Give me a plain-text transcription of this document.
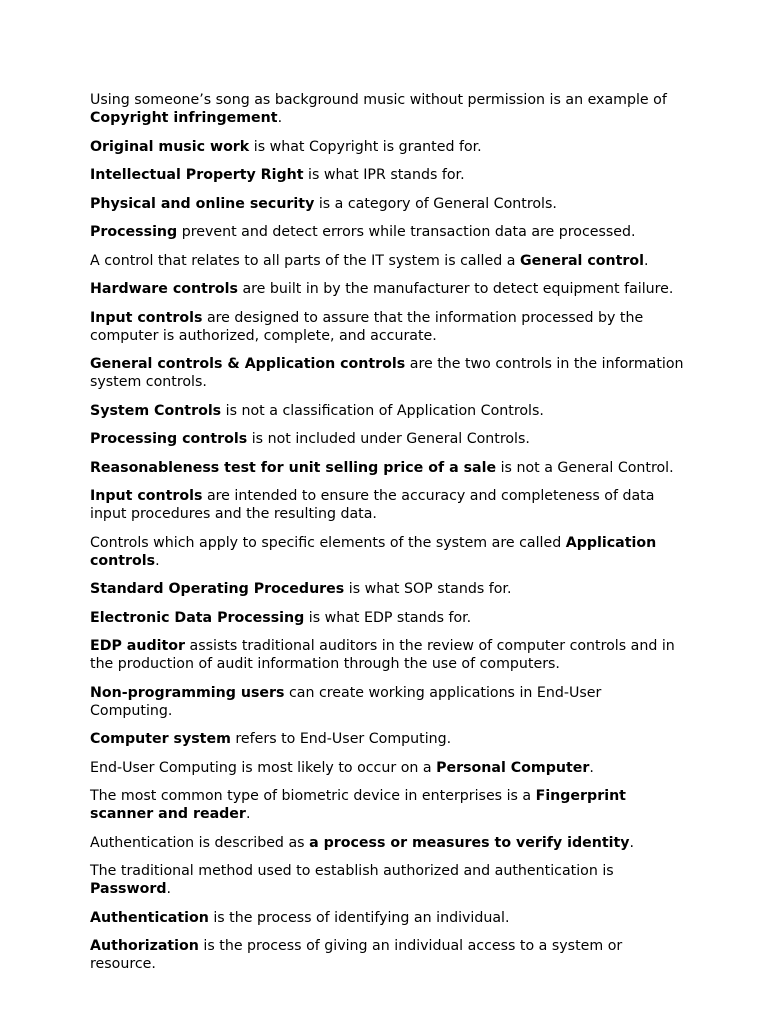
Using someone’s song as background music without permission is an example of Copyright infringement.

Original music work is what Copyright is granted for.

Intellectual Property Right is what IPR stands for.

Physical and online security is a category of General Controls.

Processing prevent and detect errors while transaction data are processed.

A control that relates to all parts of the IT system is called a General control.

Hardware controls are built in by the manufacturer to detect equipment failure.

Input controls are designed to assure that the information processed by the computer is authorized, complete, and accurate.

General controls & Application controls are the two controls in the information system controls.

System Controls is not a classification of Application Controls.

Processing controls is not included under General Controls.

Reasonableness test for unit selling price of a sale is not a General Control.

Input controls are intended to ensure the accuracy and completeness of data input procedures and the resulting data.

Controls which apply to specific elements of the system are called Application controls.

Standard Operating Procedures is what SOP stands for.

Electronic Data Processing is what EDP stands for.

EDP auditor assists traditional auditors in the review of computer controls and in the production of audit information through the use of computers.

Non-programming users can create working applications in End-User Computing.

Computer system refers to End-User Computing.

End-User Computing is most likely to occur on a Personal Computer.

The most common type of biometric device in enterprises is a Fingerprint scanner and reader.

Authentication is described as a process or measures to verify identity.

The traditional method used to establish authorized and authentication is Password.

Authentication is the process of identifying an individual.

Authorization is the process of giving an individual access to a system or resource.
